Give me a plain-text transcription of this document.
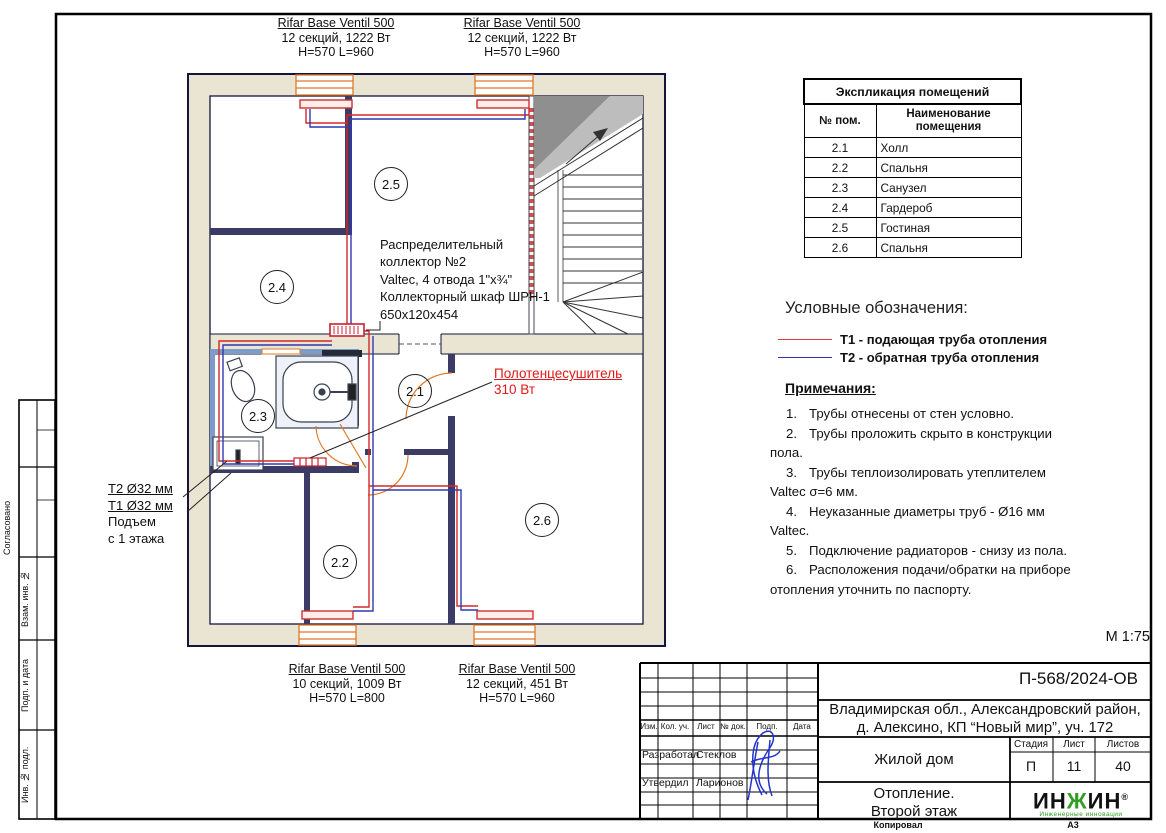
Rifar Base Ventil 500
12 секций, 1222 Вт
H=570 L=960
Rifar Base Ventil 500
12 секций, 1222 Вт
H=570 L=960
Rifar Base Ventil 500
10 секций, 1009 Вт
H=570 L=800
Rifar Base Ventil 500
12 секций, 451 Вт
H=570 L=960
Распределительный
коллектор №2
Valtec, 4 отвода 1"х¾"
Коллекторный шкаф ШРН-1
650х120х454
Полотенцесушитель
310 Вт
Т2 Ø32 мм
Т1 Ø32 мм
Подъем
с 1 этажа
2.1
2.2
2.3
2.4
2.5
2.6
М 1:75
Экспликация помещений	
№ пом.	Наименование помещения
2.1	Холл
2.2	Спальня
2.3	Санузел
2.4	Гардероб
2.5	Гостиная
2.6	Спальня
Условные обозначения:
Т1 - подающая труба отопления
Т2 - обратная труба отопления
Примечания:
1. Трубы отнесены от стен условно.
2. Трубы проложить скрыто в конструкции пола.
3. Трубы теплоизолировать утеплителем Valtec σ=6 мм.
4. Неуказанные диаметры труб - Ø16 мм Valtec.
5. Подключение радиаторов - снизу из пола.
6. Расположения подачи/обратки на приборе отопления уточнить по паспорту.
Изм. Кол. уч. Лист № док. Подп. Дата
Разработал
Стеклов
Утвердил Ларионов
П-568/2024-ОВ
Владимирская обл., Александровский район,
д. Алексино, КП “Новый мир”, уч. 172
Жилой дом
Отопление.
Второй этаж
Стадия Лист Листов
П 11 40
ИНЖИН®
Инженерные инновации
Копировал	А3
Согласовано
Взам. инв. №
Подп. и дата
Инв. № подл.
